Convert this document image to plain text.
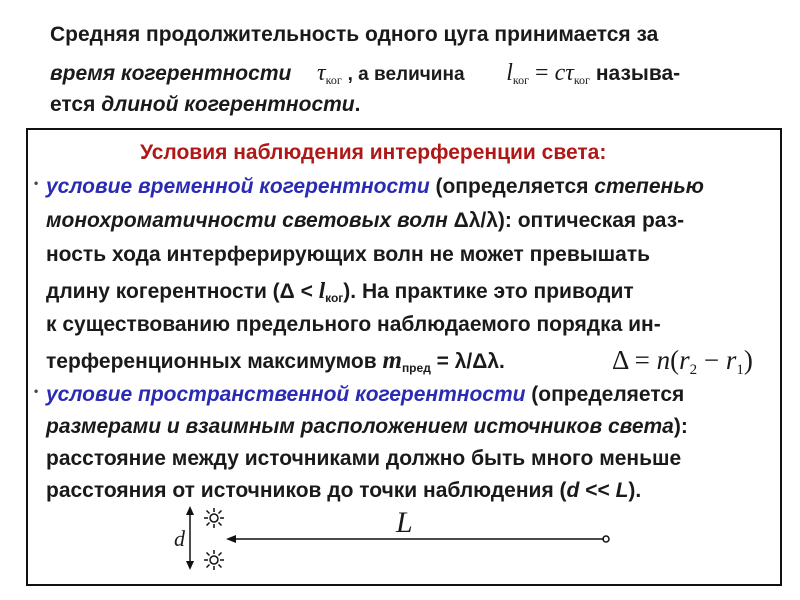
Средняя продолжительность одного цуга принимается за
время когерентности $\tau_{ког}$ , а величина $l_{ког} = c\tau_{ког}$ называ-
ется длиной когерентности.
Условия наблюдения интерференции света:
• условие временной когерентности (определяется степенью
монохроматичности световых волн Δλ/λ): оптическая раз-
ность хода интерферирующих волн не может превышать
длину когерентности $(\Delta < l_{ког})$. На практике это приводит
к существованию предельного наблюдаемого порядка ин-
терференционных максимумов $m_{пред} = \lambda/\Delta\lambda$.	Δ = n(r2 − r1)
• условие пространственной когерентности (определяется
размерами и взаимным расположением источников света):
расстояние между источниками должно быть много меньше
расстояния от источников до точки наблюдения (d << L).
d	L
